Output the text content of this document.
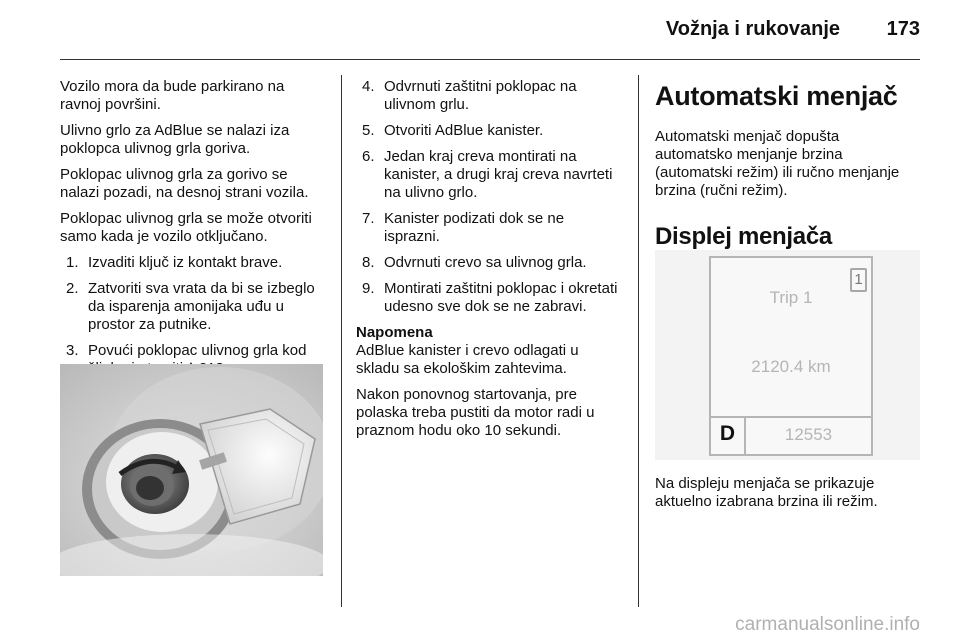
Vožnja i rukovanje 173

Vozilo mora da bude parkirano na ravnoj površini.

Ulivno grlo za AdBlue se nalazi iza poklopca ulivnog grla goriva.

Poklopac ulivnog grla za gorivo se nalazi pozadi, na desnoj strani vozila.

Poklopac ulivnog grla se može otvoriti samo kada je vozilo otključano.

1. Izvaditi ključ iz kontakt brave.
2. Zatvoriti sva vrata da bi se izbeglo da isparenja amonijaka uđu u prostor za putnike.
3. Povući poklopac ulivnog grla kod
4. Odvrnuti zaštitni poklopac na ulivnom grlu.
5. Otvoriti AdBlue kanister.
6. Jedan kraj creva montirati na kanister, a drugi kraj creva navrteti na ulivno grlo.
7. Kanister podizati dok se ne isprazni.
8. Odvrnuti crevo sa ulivnog grla.
9. Montirati zaštitni poklopac i okretati udesno sve dok se ne zabravi.
Napomena

AdBlue kanister i crevo odlagati u skladu sa ekološkim zahtevima.

Nakon ponovnog startovanja, pre polaska treba pustiti da motor radi u praznom hodu oko 10 sekundi.

Automatski menjač

Automatski menjač dopušta automatsko menjanje brzina (automatski režim) ili ručno menjanje brzina (ručni režim).

Displej menjača
1
Trip 1
2120.4 km
D	12553

Na displeju menjača se prikazuje aktuelno izabrana brzina ili režim.

carmanualsonline.info
